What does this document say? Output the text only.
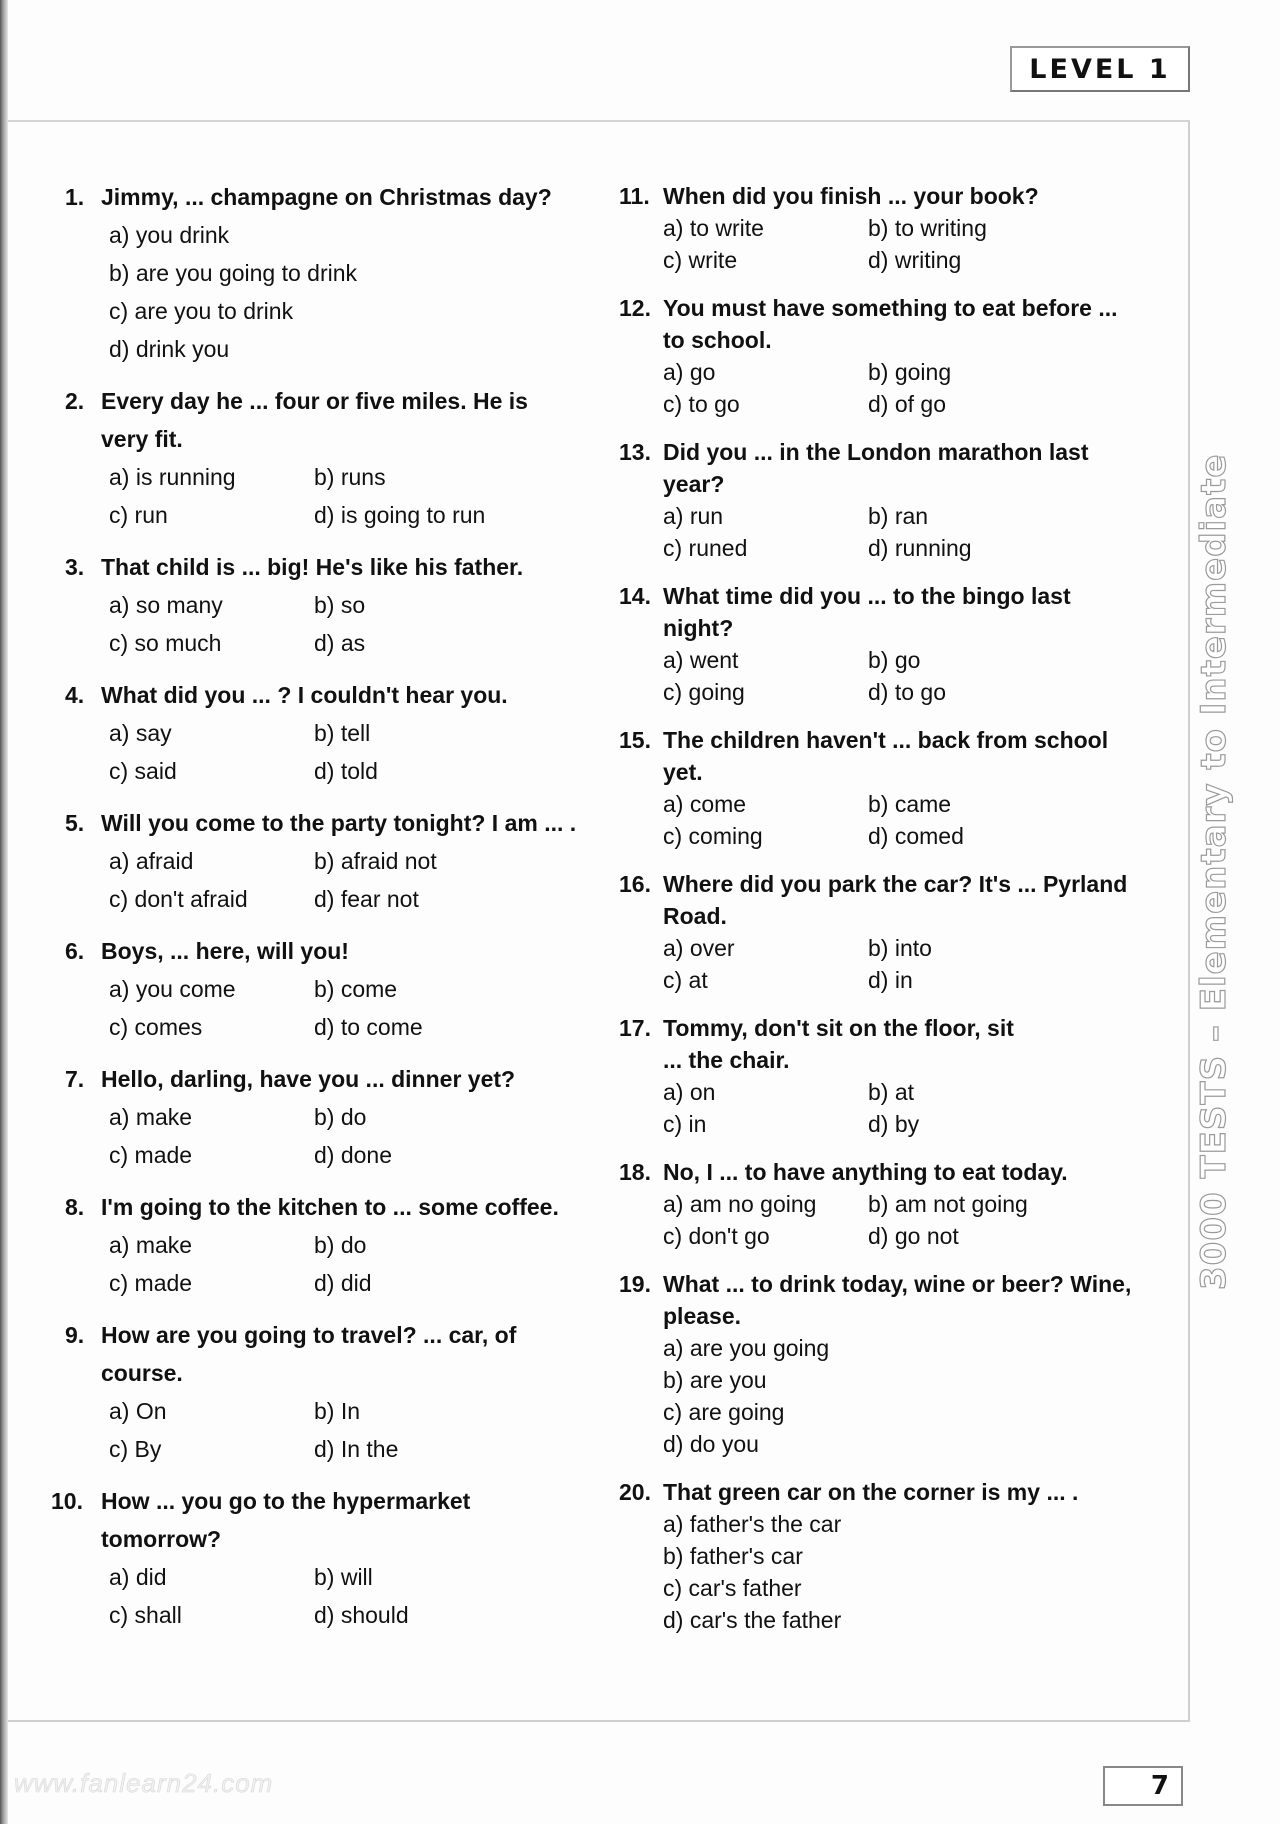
LEVEL 1
1. Jimmy, ... champagne on Christmas day?
a) you drink
b) are you going to drink
c) are you to drink
d) drink you
2. Every day he ... four or five miles. He is very fit.
a) is running	b) runs
c) run	d) is going to run
3. That child is ... big! He's like his father.
a) so many	b) so
c) so much	d) as
4. What did you ... ? I couldn't hear you.
a) say	b) tell
c) said	d) told
5. Will you come to the party tonight? I am ... .
a) afraid	b) afraid not
c) don't afraid	d) fear not
6. Boys, ... here, will you!
a) you come	b) come
c) comes	d) to come
7. Hello, darling, have you ... dinner yet?
a) make	b) do
c) made	d) done
8. I'm going to the kitchen to ... some coffee.
a) make	b) do
c) made	d) did
9. How are you going to travel? ... car, of course.
a) On	b) In
c) By	d) In the
10. How ... you go to the hypermarket tomorrow?
a) did	b) will
c) shall	d) should
11. When did you finish ... your book?
a) to write	b) to writing
c) write	d) writing
12. You must have something to eat before ... to school.
a) go	b) going
c) to go	d) of go
13. Did you ... in the London marathon last year?
a) run	b) ran
c) runed	d) running
14. What time did you ... to the bingo last night?
a) went	b) go
c) going	d) to go
15. The children haven't ... back from school yet.
a) come	b) came
c) coming	d) comed
16. Where did you park the car? It's ... Pyrland Road.
a) over	b) into
c) at	d) in
17. Tommy, don't sit on the floor, sit ... the chair.
a) on	b) at
c) in	d) by
18. No, I ... to have anything to eat today.
a) am no going	b) am not going
c) don't go	d) go not
19. What ... to drink today, wine or beer? Wine, please.
a) are you going
b) are you
c) are going
d) do you
20. That green car on the corner is my ... .
a) father's the car
b) father's car
c) car's father
d) car's the father
3000 TESTS – Elementary to Intermediate
www.fanlearn24.com	7
